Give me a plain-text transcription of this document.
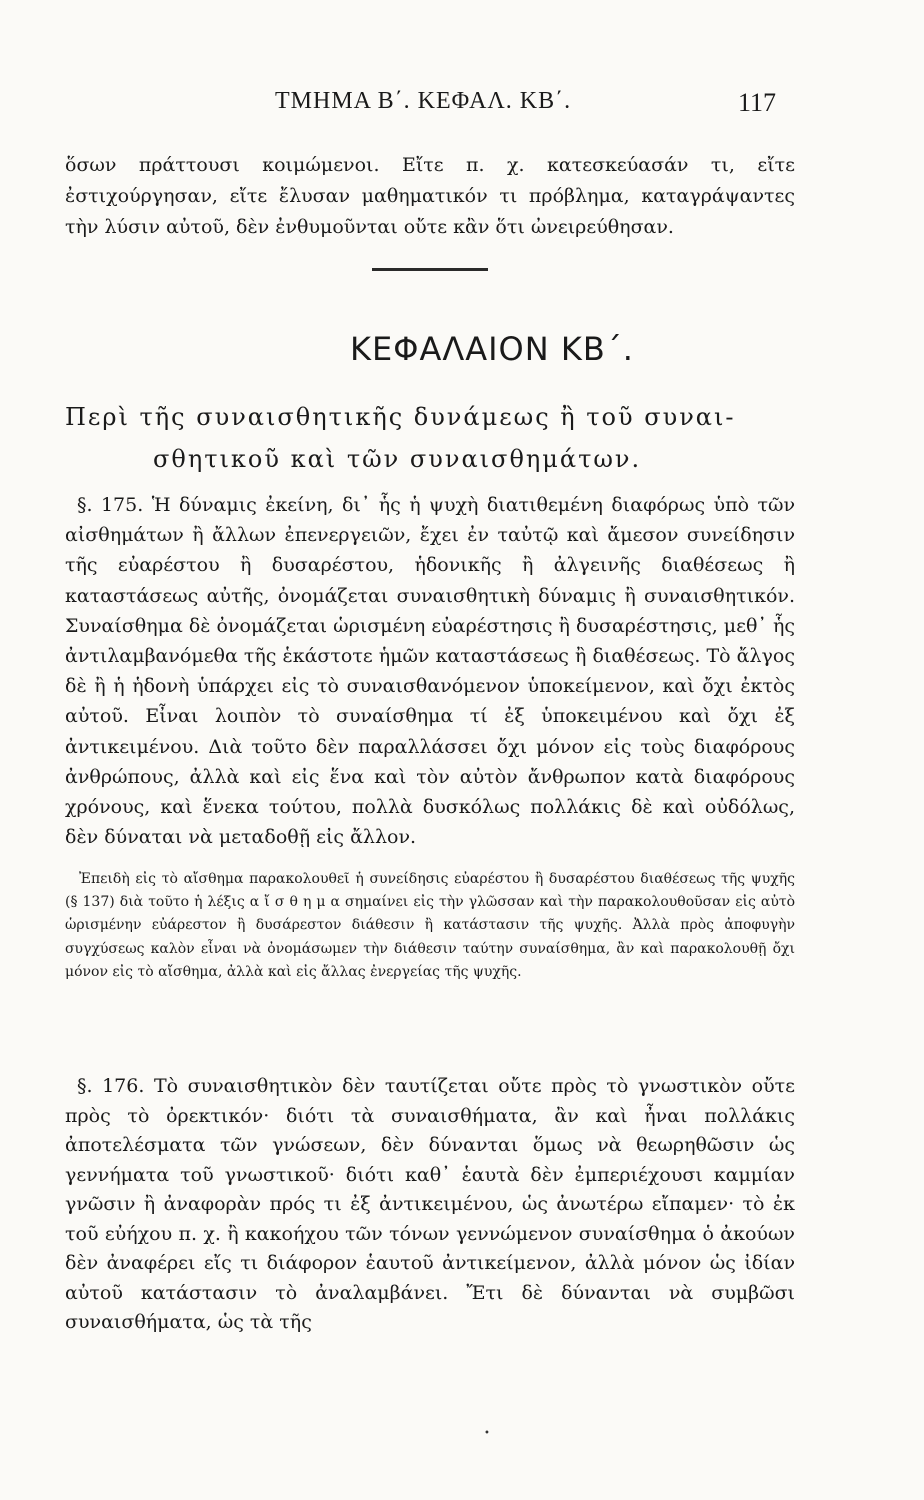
ΤΜΗΜΑ Β΄. ΚΕΦΑΛ. ΚΒ΄.	117
ὅσων πράττουσι κοιμώμενοι. Εἴτε π. χ. κατεσκεύασάν τι, εἴτε ἐστιχούργησαν, εἴτε ἔλυσαν μαθηματικόν τι πρόβλημα, καταγράψαντες τὴν λύσιν αὐτοῦ, δὲν ἐνθυμοῦνται οὔτε κἂν ὅτι ὠνειρεύθησαν.
ΚΕΦΑΛΑΙΟΝ ΚΒ΄.
Περὶ τῆς συναισθητικῆς δυνάμεως ἢ τοῦ συναι-
σθητικοῦ καὶ τῶν συναισθημάτων.
§. 175. Ἡ δύναμις ἐκείνη, δι᾽ ἧς ἡ ψυχὴ διατιθεμένη διαφόρως ὑπὸ τῶν αἰσθημάτων ἢ ἄλλων ἐπενεργειῶν, ἔχει ἐν ταὐτῷ καὶ ἄμεσον συνείδησιν τῆς εὐαρέστου ἢ δυσαρέστου, ἡδονικῆς ἢ ἀλγεινῆς διαθέσεως ἢ καταστάσεως αὐτῆς, ὀνομάζεται συναισθητικὴ δύναμις ἢ συναισθητικόν. Συναίσθημα δὲ ὀνομάζεται ὡρισμένη εὐαρέστησις ἢ δυσαρέστησις, μεθ᾽ ἧς ἀντιλαμβανόμεθα τῆς ἑκάστοτε ἡμῶν καταστάσεως ἢ διαθέσεως. Τὸ ἄλγος δὲ ἢ ἡ ἡδονὴ ὑπάρχει εἰς τὸ συναισθανόμενον ὑποκείμενον, καὶ ὄχι ἐκτὸς αὐτοῦ. Εἶναι λοιπὸν τὸ συναίσθημα τί ἐξ ὑποκειμένου καὶ ὄχι ἐξ ἀντικειμένου. Διὰ τοῦτο δὲν παραλλάσσει ὄχι μόνον εἰς τοὺς διαφόρους ἀνθρώπους, ἀλλὰ καὶ εἰς ἕνα καὶ τὸν αὐτὸν ἄνθρωπον κατὰ διαφόρους χρόνους, καὶ ἕνεκα τούτου, πολλὰ δυσκόλως πολλάκις δὲ καὶ οὐδόλως, δὲν δύναται νὰ μεταδοθῇ εἰς ἄλλον.
Ἐπειδὴ εἰς τὸ αἴσθημα παρακολουθεῖ ἡ συνείδησις εὐαρέστου ἢ δυσαρέστου διαθέσεως τῆς ψυχῆς (§ 137) διὰ τοῦτο ἡ λέξις α ἴ σ θ η μ α σημαίνει εἰς τὴν γλῶσσαν καὶ τὴν παρακολουθοῦσαν εἰς αὐτὸ ὡρισμένην εὐάρεστον ἢ δυσάρεστον διάθεσιν ἢ κατάστασιν τῆς ψυχῆς. Ἀλλὰ πρὸς ἀποφυγὴν συγχύσεως καλὸν εἶναι νὰ ὀνομάσωμεν τὴν διάθεσιν ταύτην συναίσθημα, ἂν καὶ παρακολουθῇ ὄχι μόνον εἰς τὸ αἴσθημα, ἀλλὰ καὶ εἰς ἄλλας ἐνεργείας τῆς ψυχῆς.
§. 176. Τὸ συναισθητικὸν δὲν ταυτίζεται οὔτε πρὸς τὸ γνωστικὸν οὔτε πρὸς τὸ ὀρεκτικόν· διότι τὰ συναισθήματα, ἂν καὶ ἦναι πολλάκις ἀποτελέσματα τῶν γνώσεων, δὲν δύνανται ὅμως νὰ θεωρηθῶσιν ὡς γεννήματα τοῦ γνωστικοῦ· διότι καθ᾽ ἑαυτὰ δὲν ἐμπεριέχουσι καμμίαν γνῶσιν ἢ ἀναφορὰν πρός τι ἐξ ἀντικειμένου, ὡς ἀνωτέρω εἴπαμεν· τὸ ἐκ τοῦ εὐήχου π. χ. ἢ κακοήχου τῶν τόνων γεννώμενον συναίσθημα ὁ ἀκούων δὲν ἀναφέρει εἴς τι διάφορον ἑαυτοῦ ἀντικείμενον, ἀλλὰ μόνον ὡς ἰδίαν αὐτοῦ κατάστασιν τὸ ἀναλαμβάνει. Ἔτι δὲ δύνανται νὰ συμβῶσι συναισθήματα, ὡς τὰ τῆς
•
